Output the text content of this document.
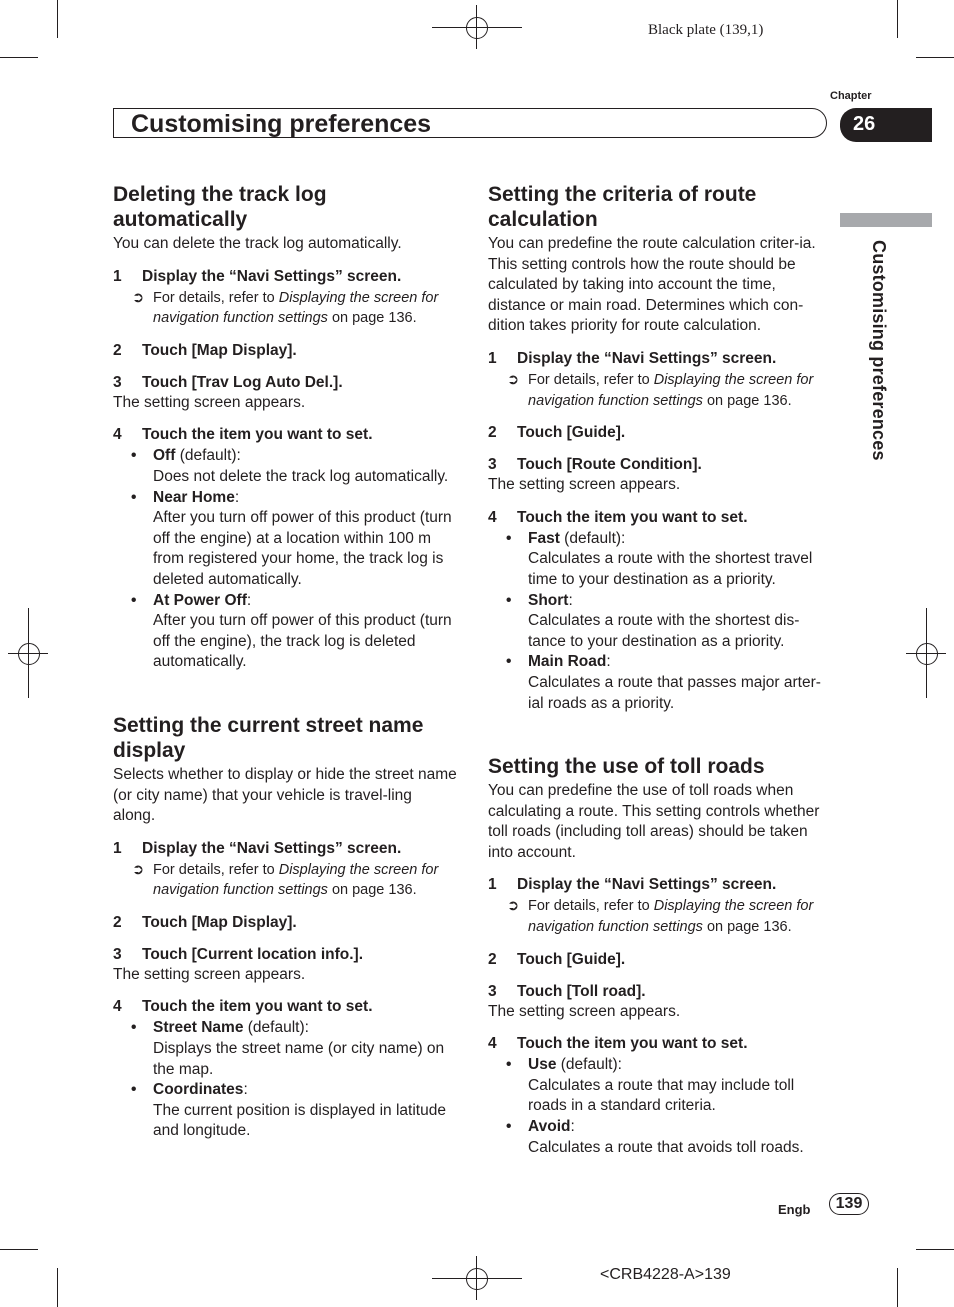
Black plate (139,1)
Chapter
Customising preferences	26
Customising preferences
Deleting the track log automatically

You can delete the track log automatically.

1	Display the “Navi Settings” screen.
➲ For details, refer to Displaying the screen for navigation function settings on page 136.
2	Touch [Map Display].
3	Touch [Trav Log Auto Del.].

The setting screen appears.

4	Touch the item you want to set.
• Off (default):
Does not delete the track log automatically.
• Near Home:
After you turn off power of this product (turn off the engine) at a location within 100 m from registered your home, the track log is deleted automatically.
• At Power Off:
After you turn off power of this product (turn off the engine), the track log is deleted automatically.
Setting the current street name display

Selects whether to display or hide the street name (or city name) that your vehicle is travel-ling along.

1	Display the “Navi Settings” screen.
➲ For details, refer to Displaying the screen for navigation function settings on page 136.
2	Touch [Map Display].
3	Touch [Current location info.].

The setting screen appears.

4	Touch the item you want to set.
• Street Name (default):
Displays the street name (or city name) on the map.
• Coordinates:
The current position is displayed in latitude and longitude.
Setting the criteria of route calculation

You can predefine the route calculation criter-ia. This setting controls how the route should be calculated by taking into account the time, distance or main road. Determines which con-dition takes priority for route calculation.

1	Display the “Navi Settings” screen.
➲ For details, refer to Displaying the screen for navigation function settings on page 136.
2	Touch [Guide].
3	Touch [Route Condition].

The setting screen appears.

4	Touch the item you want to set.
• Fast (default):
Calculates a route with the shortest travel time to your destination as a priority.
• Short:
Calculates a route with the shortest dis-tance to your destination as a priority.
• Main Road:
Calculates a route that passes major arter-ial roads as a priority.
Setting the use of toll roads

You can predefine the use of toll roads when calculating a route. This setting controls whether toll roads (including toll areas) should be taken into account.

1	Display the “Navi Settings” screen.
➲ For details, refer to Displaying the screen for navigation function settings on page 136.
2	Touch [Guide].
3	Touch [Toll road].

The setting screen appears.

4	Touch the item you want to set.
• Use (default):
Calculates a route that may include toll roads in a standard criteria.
• Avoid:
Calculates a route that avoids toll roads.
Engb	139
<CRB4228-A>139
